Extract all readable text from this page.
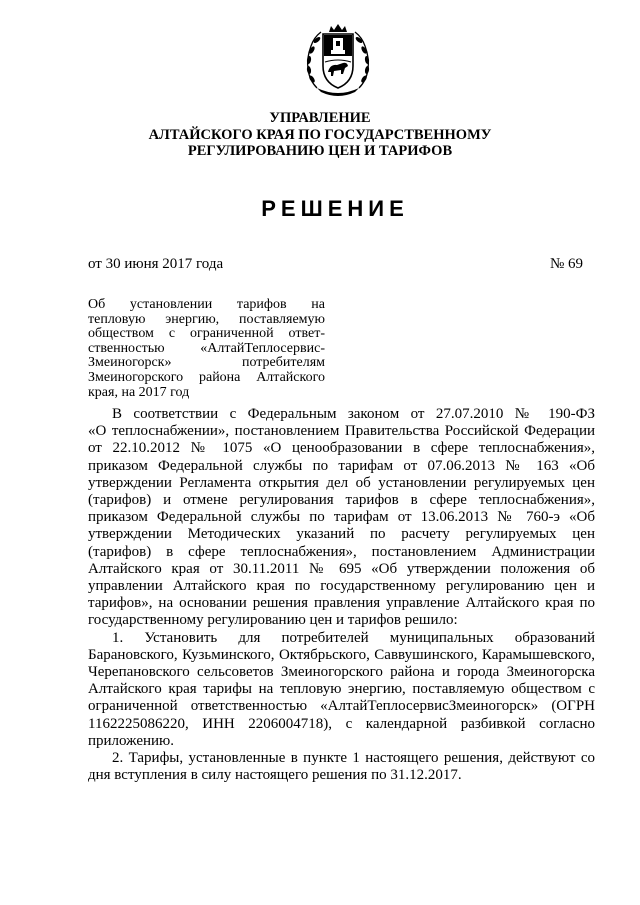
УПРАВЛЕНИЕ
АЛТАЙСКОГО КРАЯ ПО ГОСУДАРСТВЕННОМУ
РЕГУЛИРОВАНИЮ ЦЕН И ТАРИФОВ
РЕШЕНИЕ
от 30 июня 2017 года	№ 69
Об установлении тарифов на
тепловую энергию, поставляемую
обществом с ограниченной ответ-
ственностью «АлтайТеплосервис-
Змеиногорск» потребителям
Змеиногорского района Алтайского
края, на 2017 год
В соответствии с Федеральным законом от 27.07.2010 № 190-ФЗ
«О теплоснабжении», постановлением Правительства Российской Федерации
от 22.10.2012 № 1075 «О ценообразовании в сфере теплоснабжения»,
приказом Федеральной службы по тарифам от 07.06.2013 № 163 «Об
утверждении Регламента открытия дел об установлении регулируемых цен
(тарифов) и отмене регулирования тарифов в сфере теплоснабжения»,
приказом Федеральной службы по тарифам от 13.06.2013 № 760-э «Об
утверждении Методических указаний по расчету регулируемых цен
(тарифов) в сфере теплоснабжения», постановлением Администрации
Алтайского края от 30.11.2011 № 695 «Об утверждении положения об
управлении Алтайского края по государственному регулированию цен и
тарифов», на основании решения правления управление Алтайского края по
государственному регулированию цен и тарифов решило:
1. Установить для потребителей муниципальных образований
Барановского, Кузьминского, Октябрьского, Саввушинского, Карамышевского,
Черепановского сельсоветов Змеиногорского района и города Змеиногорска
Алтайского края тарифы на тепловую энергию, поставляемую обществом с
ограниченной ответственностью «АлтайТеплосервисЗмеиногорск» (ОГРН
1162225086220, ИНН 2206004718), с календарной разбивкой согласно
приложению.
2. Тарифы, установленные в пункте 1 настоящего решения, действуют со
дня вступления в силу настоящего решения по 31.12.2017.
